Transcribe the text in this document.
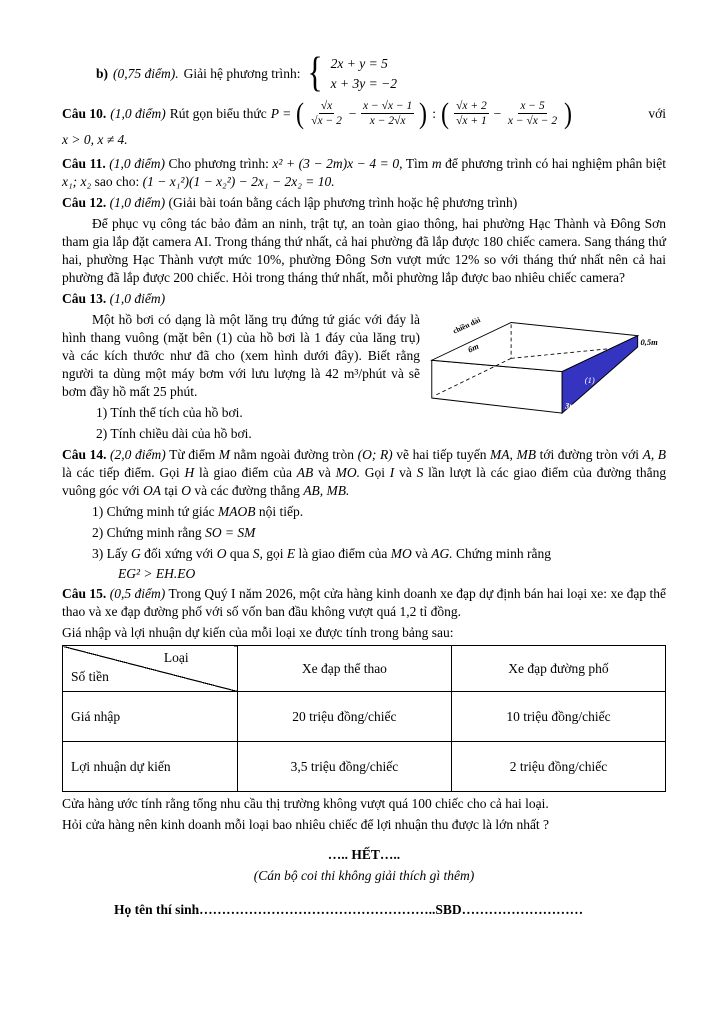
b) (0,75 điểm). Giải hệ phương trình: { 2x + y = 5
x + 3y = −2
Câu 10. (1,0 điểm) Rút gọn biểu thức P = ( $\frac{√x}{√x - 2} - \frac{x - √x - 1}{x - 2√x}$ ) : ( $\frac{√x + 2}{√x + 1} - \frac{x - 5}{x - √x - 2}$ )	với

x > 0, x ≠ 4.

Câu 11. (1,0 điểm) Cho phương trình: x² + (3 − 2m)x − 4 = 0, Tìm m để phương trình có hai nghiệm phân biệt x₁; x₂ sao cho: (1 − x₁²)(1 − x₂²) − 2x₁ − 2x₂ = 10.

Câu 12. (1,0 điểm) (Giải bài toán bằng cách lập phương trình hoặc hệ phương trình)

Để phục vụ công tác bảo đảm an ninh, trật tự, an toàn giao thông, hai phường Hạc Thành và Đông Sơn tham gia lắp đặt camera AI. Trong tháng thứ nhất, cả hai phường đã lắp được 180 chiếc camera. Sang tháng thứ hai, phường Hạc Thành vượt mức 10%, phường Đông Sơn vượt mức 12% so với tháng thứ nhất nên cả hai phường đã lắp được 200 chiếc. Hỏi trong tháng thứ nhất, mỗi phường lắp được bao nhiêu chiếc camera?

Câu 13. (1,0 điểm)

Một hồ bơi có dạng là một lăng trụ đứng tứ giác với đáy là hình thang vuông (mặt bên (1) của hồ bơi là 1 đáy của lăng trụ) và các kích thước như đã cho (xem hình dưới đây). Biết rằng người ta dùng một máy bơm với lưu lượng là 42 m³/phút và sẽ bơm đầy hồ mất 25 phút.

1) Tính thể tích của hồ bơi.

2) Tính chiều dài của hồ bơi.

chiều dài
6m	0,5m
(1)
3m

Câu 14. (2,0 điểm) Từ điểm M nằm ngoài đường tròn (O; R) vẽ hai tiếp tuyến MA, MB tới đường tròn với A, B là các tiếp điểm. Gọi H là giao điểm của AB và MO. Gọi I và S lần lượt là các giao điểm của đường thẳng vuông góc với OA tại O và các đường thẳng AB, MB.

1) Chứng minh tứ giác MAOB nội tiếp.

2) Chứng minh rằng SO = SM

3) Lấy G đối xứng với O qua S, gọi E là giao điểm của MO và AG. Chứng minh rằng

EG² > EH.EO

Câu 15. (0,5 điểm) Trong Quý I năm 2026, một cửa hàng kinh doanh xe đạp dự định bán hai loại xe: xe đạp thể thao và xe đạp đường phố với số vốn ban đầu không vượt quá 1,2 tỉ đồng.

Giá nhập và lợi nhuận dự kiến của mỗi loại xe được tính trong bảng sau:

Loại
Số tiền	Xe đạp thể thao	Xe đạp đường phố
Giá nhập	20 triệu đồng/chiếc	10 triệu đồng/chiếc
Lợi nhuận dự kiến	3,5 triệu đồng/chiếc	2 triệu đồng/chiếc

Cửa hàng ước tính rằng tổng nhu cầu thị trường không vượt quá 100 chiếc cho cả hai loại.

Hỏi cửa hàng nên kinh doanh mỗi loại bao nhiêu chiếc để lợi nhuận thu được là lớn nhất ?

….. HẾT…..

(Cán bộ coi thi không giải thích gì thêm)

Họ tên thí sinh……………………………………………..SBD………………………
